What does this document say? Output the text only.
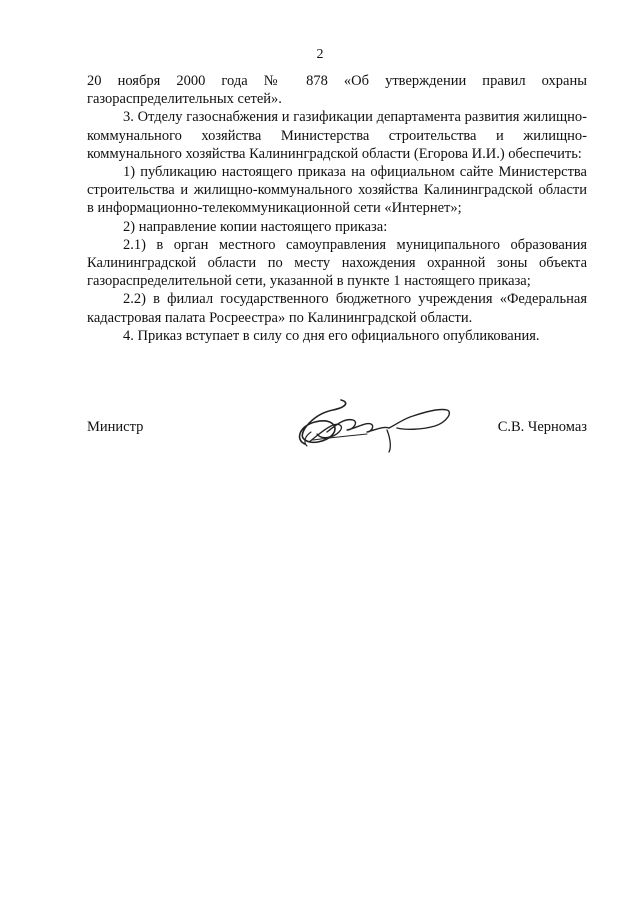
2

20 ноября 2000 года № 878 «Об утверждении правил охраны газораспределительных сетей».

3. Отделу газоснабжения и газификации департамента развития жилищно-коммунального хозяйства Министерства строительства и жилищно-коммунального хозяйства Калининградской области (Егорова И.И.) обеспечить:

1) публикацию настоящего приказа на официальном сайте Министерства строительства и жилищно-коммунального хозяйства Калининградской области в информационно-телекоммуникационной сети «Интернет»;

2) направление копии настоящего приказа:

2.1) в орган местного самоуправления муниципального образования Калининградской области по месту нахождения охранной зоны объекта газораспределительной сети, указанной в пункте 1 настоящего приказа;

2.2) в филиал государственного бюджетного учреждения «Федеральная кадастровая палата Росреестра» по Калининградской области.

4. Приказ вступает в силу со дня его официального опубликования.

Министр	С.В. Черномаз
